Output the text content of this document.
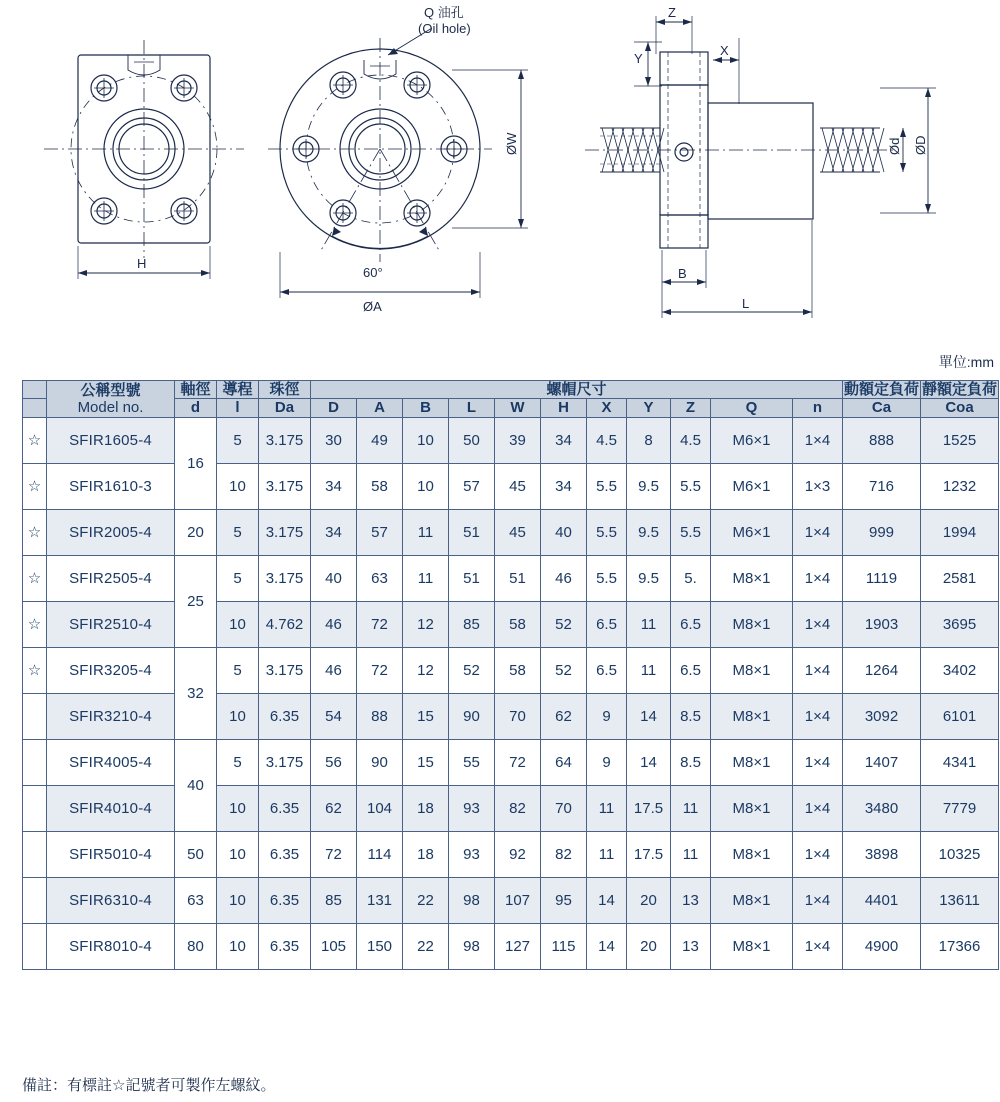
Q 油孔
(Oil hole)
H
60°
ØA
ØW
Z
Y
X
B
L
Ød ØD
單位:mm

	公稱型號
Model no.	軸徑	導程	珠徑	螺帽尺寸											動額定負荷	靜額定負荷
		d	l	Da	D	A	B	L	W	H	X	Y	Z	Q	n	Ca	Coa
☆	SFIR1605-4	16	5	3.175	30	49	10	50	39	34	4.5	8	4.5	M6×1	1×4	888	1525
☆	SFIR1610-3		10	3.175	34	58	10	57	45	34	5.5	9.5	5.5	M6×1	1×3	716	1232
☆	SFIR2005-4	20	5	3.175	34	57	11	51	45	40	5.5	9.5	5.5	M6×1	1×4	999	1994
☆	SFIR2505-4	25	5	3.175	40	63	11	51	51	46	5.5	9.5	5.	M8×1	1×4	1119	2581
☆	SFIR2510-4		10	4.762	46	72	12	85	58	52	6.5	11	6.5	M8×1	1×4	1903	3695
☆	SFIR3205-4	32	5	3.175	46	72	12	52	58	52	6.5	11	6.5	M8×1	1×4	1264	3402
	SFIR3210-4		10	6.35	54	88	15	90	70	62	9	14	8.5	M8×1	1×4	3092	6101
	SFIR4005-4	40	5	3.175	56	90	15	55	72	64	9	14	8.5	M8×1	1×4	1407	4341
	SFIR4010-4		10	6.35	62	104	18	93	82	70	11	17.5	11	M8×1	1×4	3480	7779
	SFIR5010-4	50	10	6.35	72	114	18	93	92	82	11	17.5	11	M8×1	1×4	3898	10325
	SFIR6310-4	63	10	6.35	85	131	22	98	107	95	14	20	13	M8×1	1×4	4401	13611
	SFIR8010-4	80	10	6.35	105	150	22	98	127	115	14	20	13	M8×1	1×4	4900	17366
備註：有標註☆記號者可製作左螺紋。
